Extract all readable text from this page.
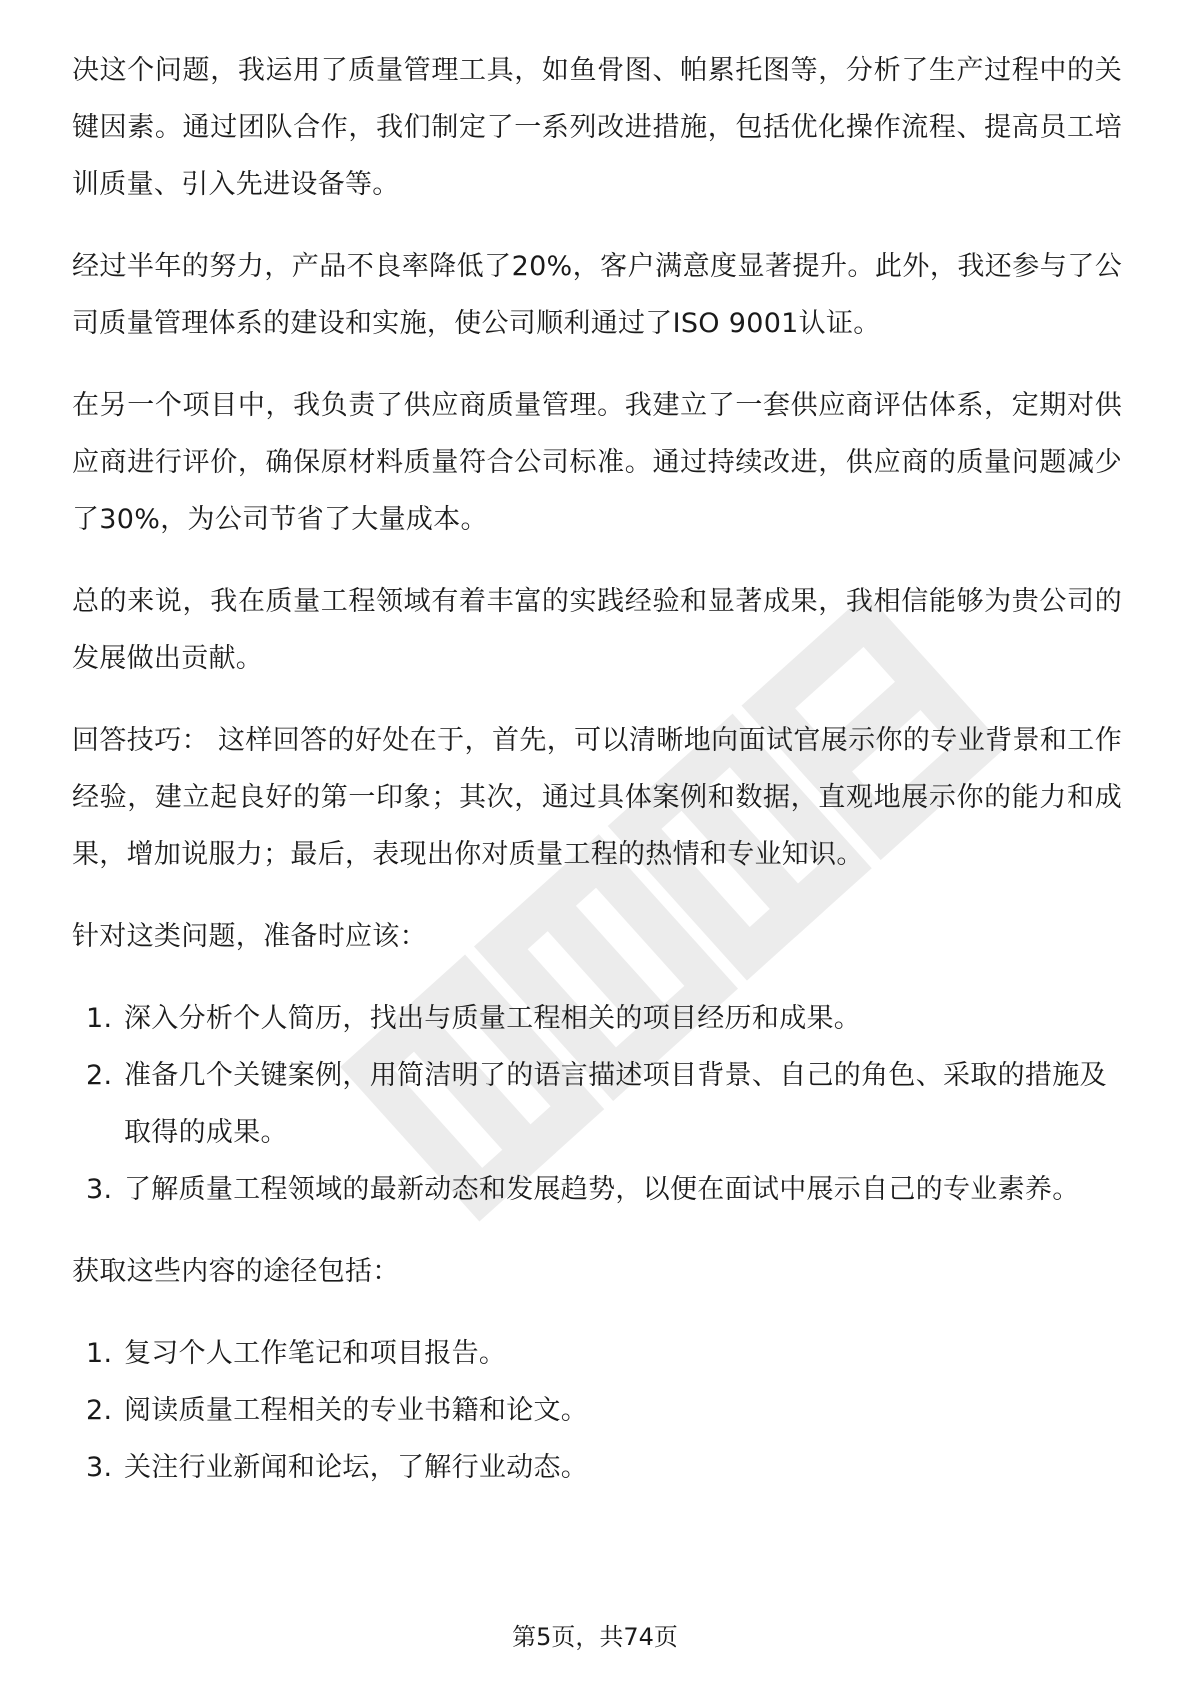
职场资料出品

决这个问题，我运用了质量管理工具，如鱼骨图、帕累托图等，分析了生产过程中的关键因素。通过团队合作，我们制定了一系列改进措施，包括优化操作流程、提高员工培训质量、引入先进设备等。

经过半年的努力，产品不良率降低了20%，客户满意度显著提升。此外，我还参与了公司质量管理体系的建设和实施，使公司顺利通过了ISO 9001认证。

在另一个项目中，我负责了供应商质量管理。我建立了一套供应商评估体系，定期对供应商进行评价，确保原材料质量符合公司标准。通过持续改进，供应商的质量问题减少了30%，为公司节省了大量成本。

总的来说，我在质量工程领域有着丰富的实践经验和显著成果，我相信能够为贵公司的发展做出贡献。

回答技巧： 这样回答的好处在于，首先，可以清晰地向面试官展示你的专业背景和工作经验，建立起良好的第一印象；其次，通过具体案例和数据，直观地展示你的能力和成果，增加说服力；最后，表现出你对质量工程的热情和专业知识。

针对这类问题，准备时应该：

1. 深入分析个人简历，找出与质量工程相关的项目经历和成果。
2. 准备几个关键案例，用简洁明了的语言描述项目背景、自己的角色、采取的措施及取得的成果。
3. 了解质量工程领域的最新动态和发展趋势，以便在面试中展示自己的专业素养。

获取这些内容的途径包括：

1. 复习个人工作笔记和项目报告。
2. 阅读质量工程相关的专业书籍和论文。
3. 关注行业新闻和论坛，了解行业动态。
第5页，共74页
